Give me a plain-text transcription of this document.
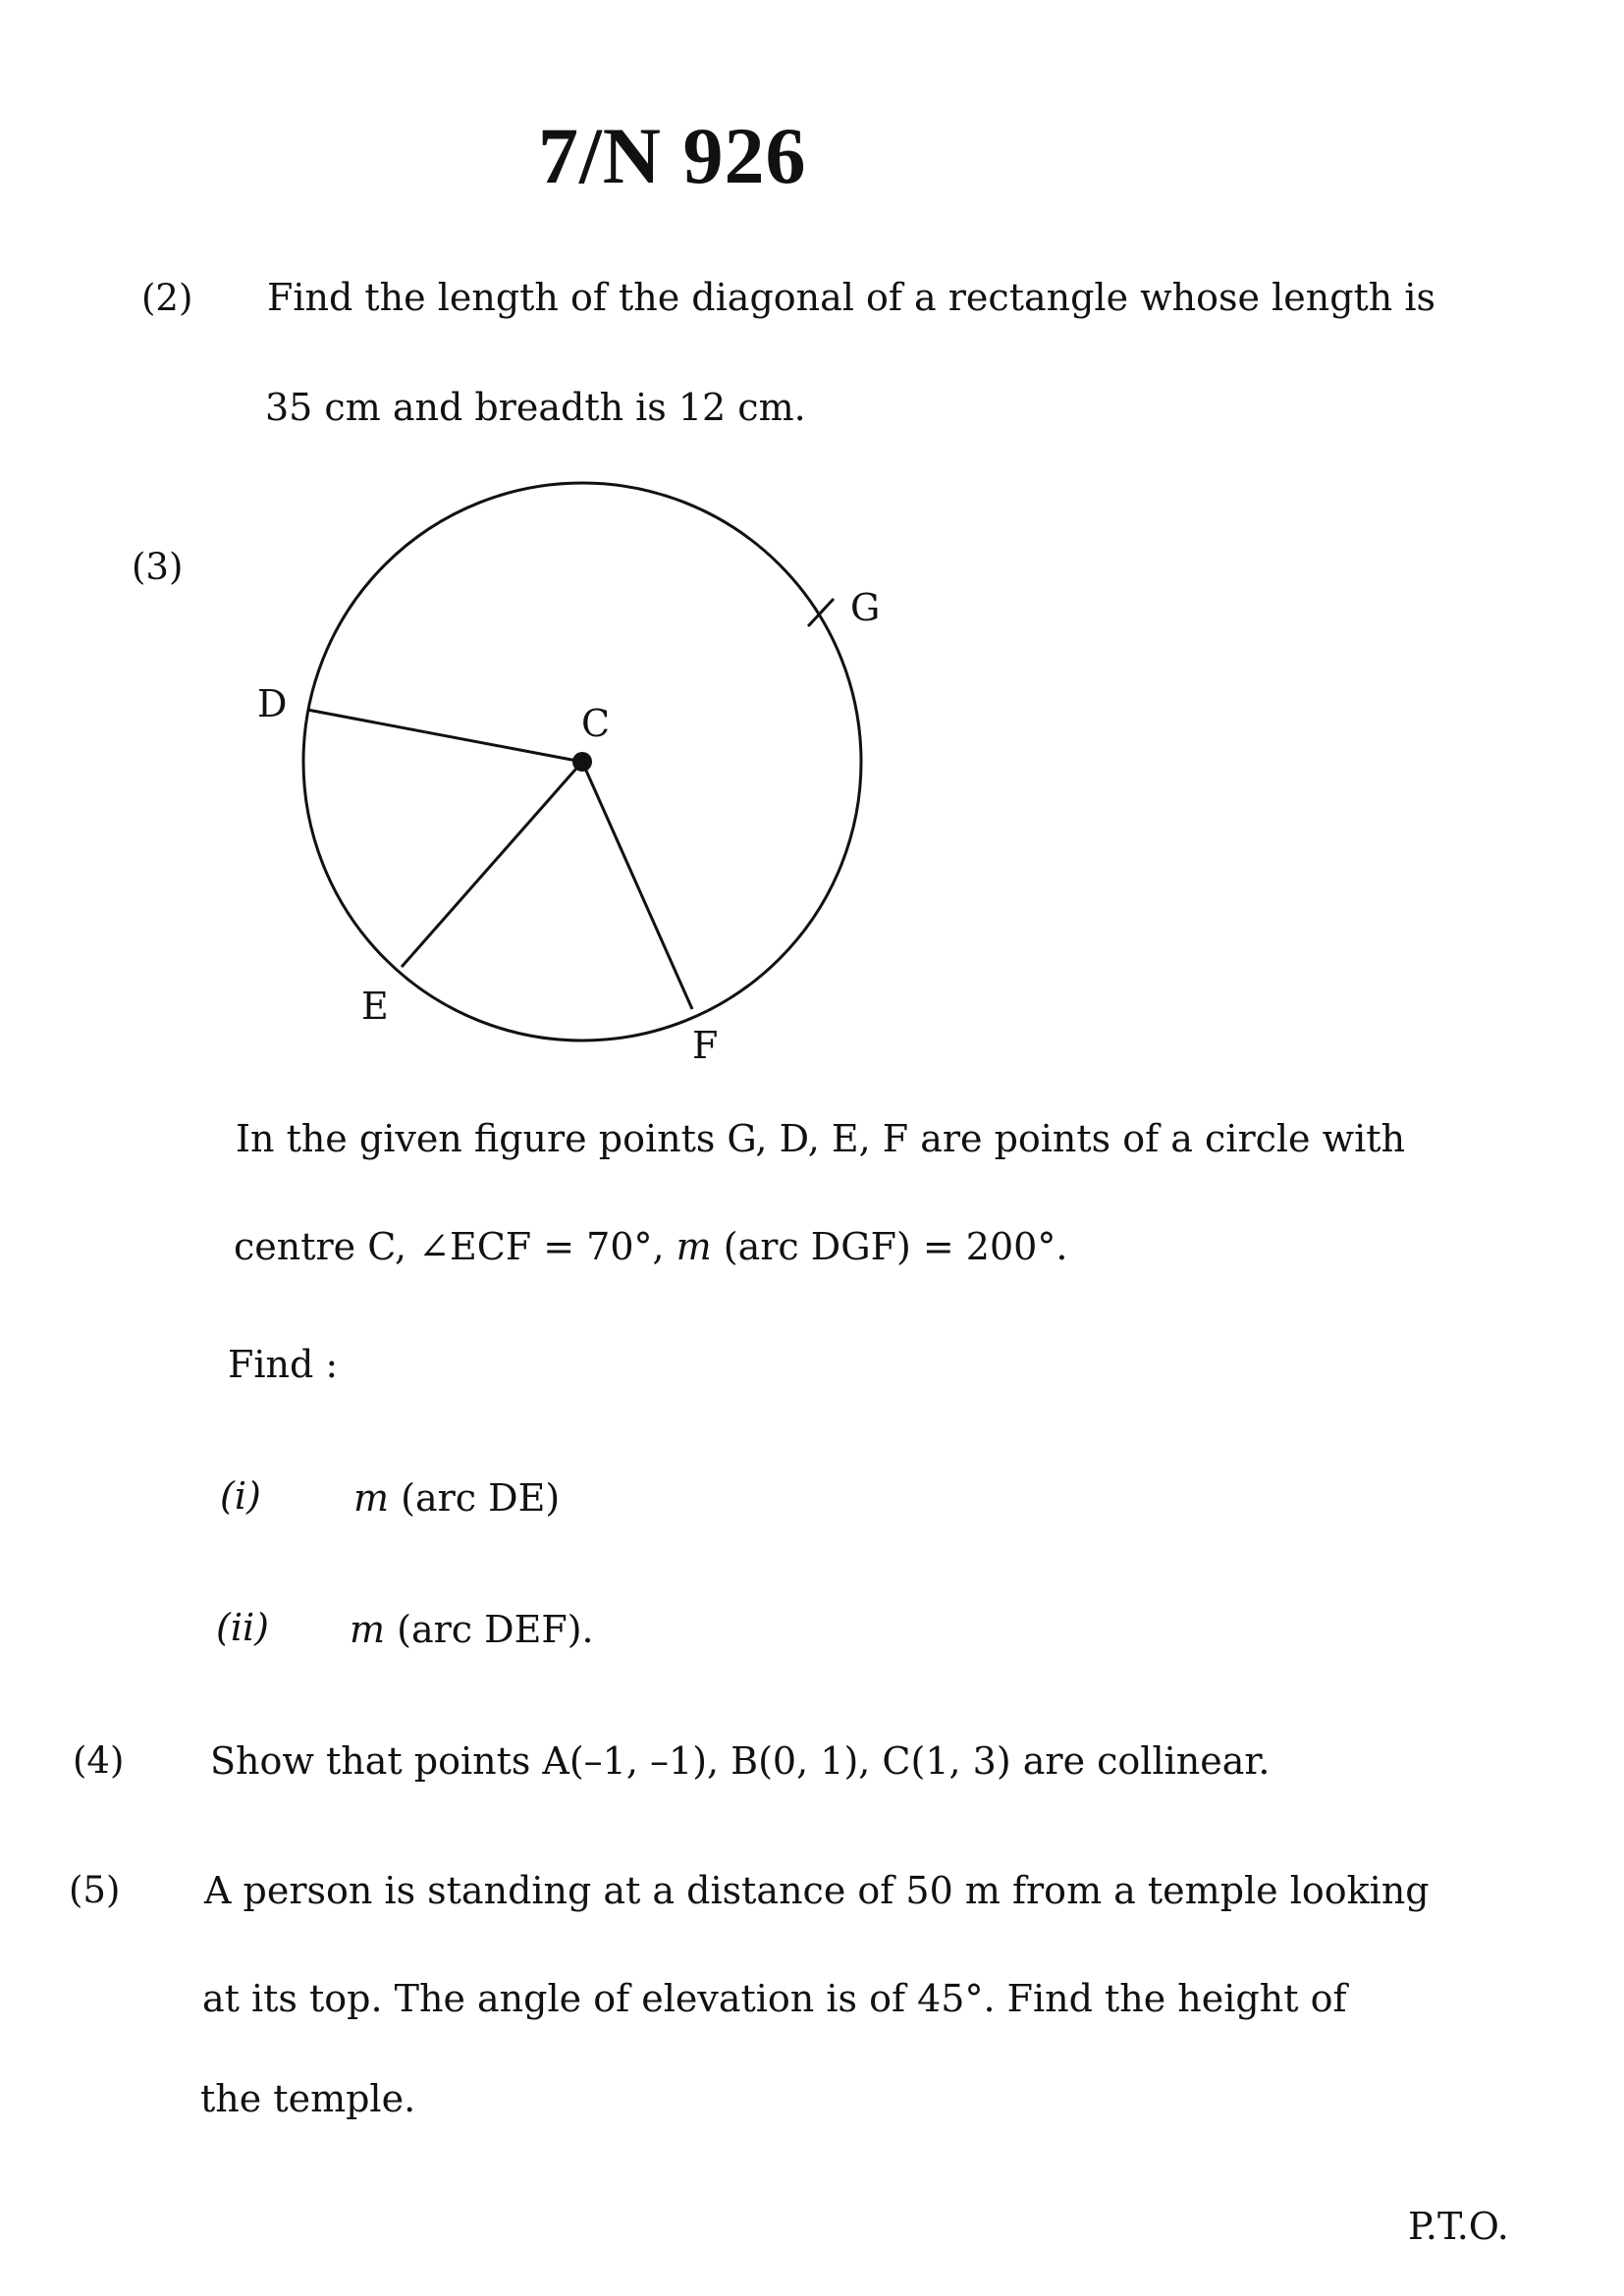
7/N 926
(2) Find the length of the diagonal of a rectangle whose length is
35 cm and breadth is 12 cm.
(3)
G
D	C
E
F
In the given figure points G, D, E, F are points of a circle with
centre C, ∠ECF = 70°, m (arc DGF) = 200°.
Find :
(i) m (arc DE)
(ii) m (arc DEF).
(4) Show that points A(–1, –1), B(0, 1), C(1, 3) are collinear.
(5) A person is standing at a distance of 50 m from a temple looking
at its top. The angle of elevation is of 45°. Find the height of
the temple.
P.T.O.
